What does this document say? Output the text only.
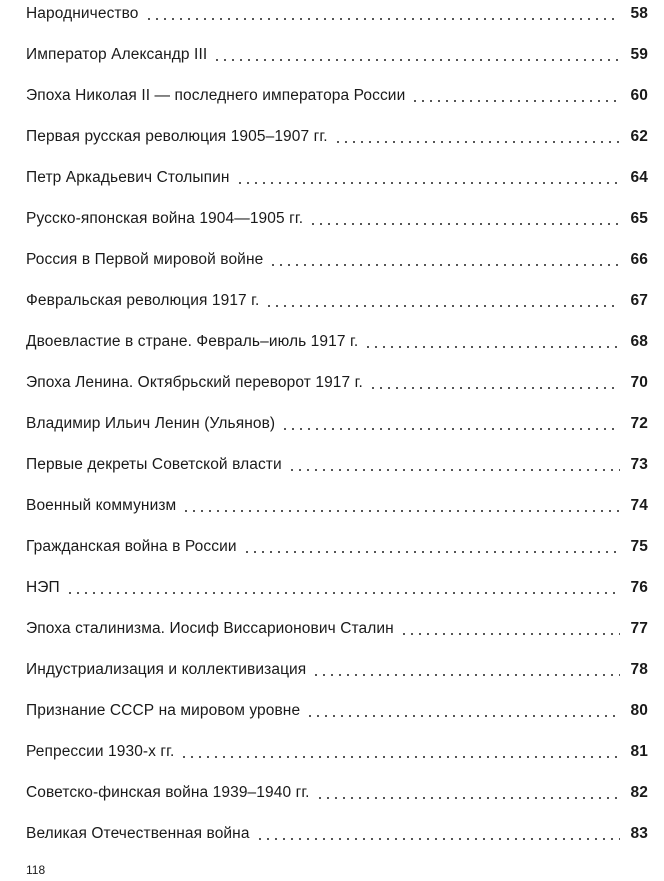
Народничество	58
Император Александр III	59
Эпоха Николая II — последнего императора России	60
Первая русская революция 1905–1907 гг.	62
Петр Аркадьевич Столыпин	64
Русско-японская война 1904—1905 гг.	65
Россия в Первой мировой войне	66
Февральская революция 1917 г.	67
Двоевластие в стране. Февраль–июль 1917 г.	68
Эпоха Ленина. Октябрьский переворот 1917 г.	70
Владимир Ильич Ленин (Ульянов)	72
Первые декреты Советской власти	73
Военный коммунизм	74
Гражданская война в России	75
НЭП	76
Эпоха сталинизма. Иосиф Виссарионович Сталин	77
Индустриализация и коллективизация	78
Признание СССР на мировом уровне	80
Репрессии 1930-х гг.	81
Советско-финская война 1939–1940 гг.	82
Великая Отечественная война	83
118
